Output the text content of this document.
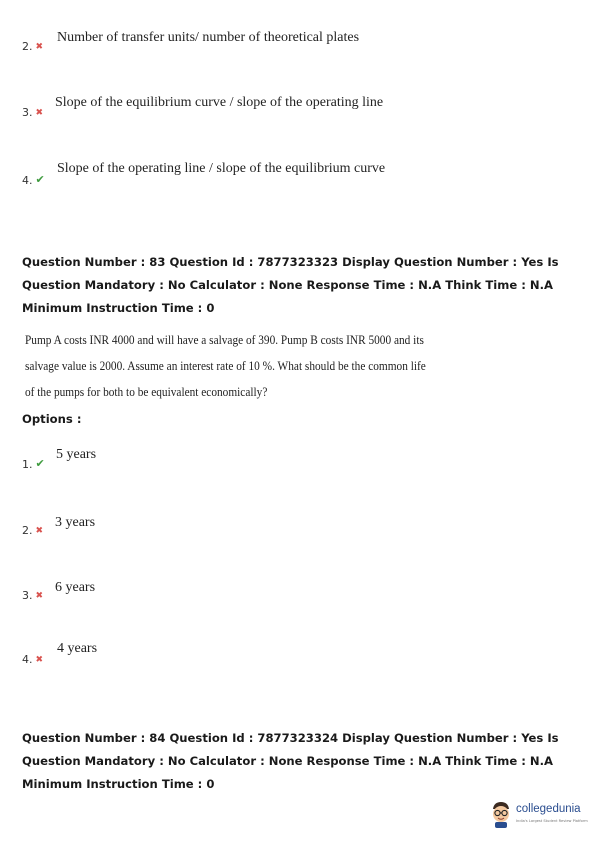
2. ✖
Number of transfer units/ number of theoretical plates
3. ✖
Slope of the equilibrium curve / slope of the operating line
4. ✔
Slope of the operating line / slope of the equilibrium curve

Question Number : 83 Question Id : 7877323323 Display Question Number : Yes Is Question Mandatory : No Calculator : None Response Time : N.A Think Time : N.A Minimum Instruction Time : 0

Pump A costs INR 4000 and will have a salvage of 390. Pump B costs INR 5000 and its
salvage value is 2000. Assume an interest rate of 10 %. What should be the common life
of the pumps for both to be equivalent economically?
Options :
1. ✔
5 years
2. ✖
3 years
3. ✖
6 years
4. ✖
4 years

Question Number : 84 Question Id : 7877323324 Display Question Number : Yes Is Question Mandatory : No Calculator : None Response Time : N.A Think Time : N.A Minimum Instruction Time : 0

collegedunia
India's Largest Student Review Platform
